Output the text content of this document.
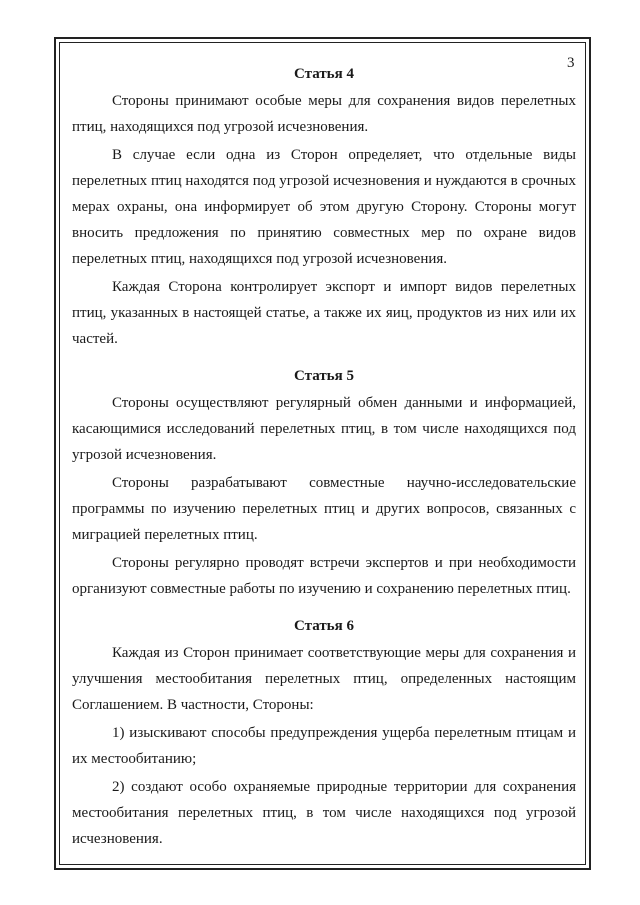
3
Статья 4

Стороны принимают особые меры для сохранения видов перелетных птиц, находящихся под угрозой исчезновения.

В случае если одна из Сторон определяет, что отдельные виды перелетных птиц находятся под угрозой исчезновения и нуждаются в срочных мерах охраны, она информирует об этом другую Сторону. Стороны могут вносить предложения по принятию совместных мер по охране видов перелетных птиц, находящихся под угрозой исчезновения.

Каждая Сторона контролирует экспорт и импорт видов перелетных птиц, указанных в настоящей статье, а также их яиц, продуктов из них или их частей.

Статья 5

Стороны осуществляют регулярный обмен данными и информацией, касающимися исследований перелетных птиц, в том числе находящихся под угрозой исчезновения.

Стороны разрабатывают совместные научно-исследовательские программы по изучению перелетных птиц и других вопросов, связанных с миграцией перелетных птиц.

Стороны регулярно проводят встречи экспертов и при необходимости организуют совместные работы по изучению и сохранению перелетных птиц.

Статья 6

Каждая из Сторон принимает соответствующие меры для сохранения и улучшения местообитания перелетных птиц, определенных настоящим Соглашением. В частности, Стороны:

1) изыскивают способы предупреждения ущерба перелетным птицам и их местообитанию;

2) создают особо охраняемые природные территории для сохранения местообитания перелетных птиц, в том числе находящихся под угрозой исчезновения.
